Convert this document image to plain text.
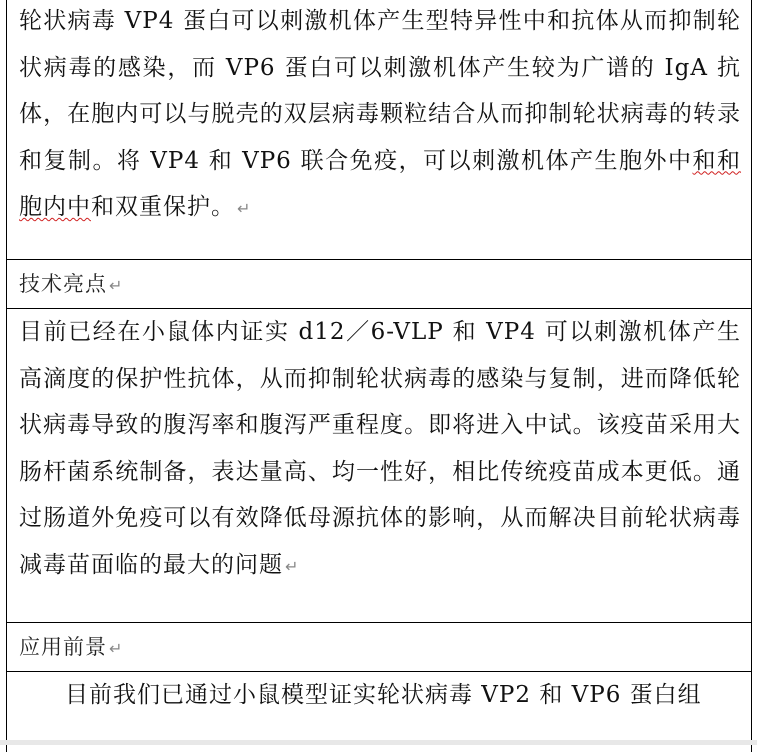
轮状病毒 VP4 蛋白可以刺激机体产生型特异性中和抗体从而抑制轮状病毒的感染，而 VP6 蛋白可以刺激机体产生较为广谱的 IgA 抗体，在胞内可以与脱壳的双层病毒颗粒结合从而抑制轮状病毒的转录和复制。将 VP4 和 VP6 联合免疫，可以刺激机体产生胞外中和和胞内中和双重保护。 ↵

技术亮点 ↵

目前已经在小鼠体内证实 d12／6-VLP 和 VP4 可以刺激机体产生高滴度的保护性抗体，从而抑制轮状病毒的感染与复制，进而降低轮状病毒导致的腹泻率和腹泻严重程度。即将进入中试。该疫苗采用大肠杆菌系统制备，表达量高、均一性好，相比传统疫苗成本更低。通过肠道外免疫可以有效降低母源抗体的影响，从而解决目前轮状病毒减毒苗面临的最大的问题 ↵

应用前景 ↵

目前我们已通过小鼠模型证实轮状病毒 VP2 和 VP6 蛋白组
